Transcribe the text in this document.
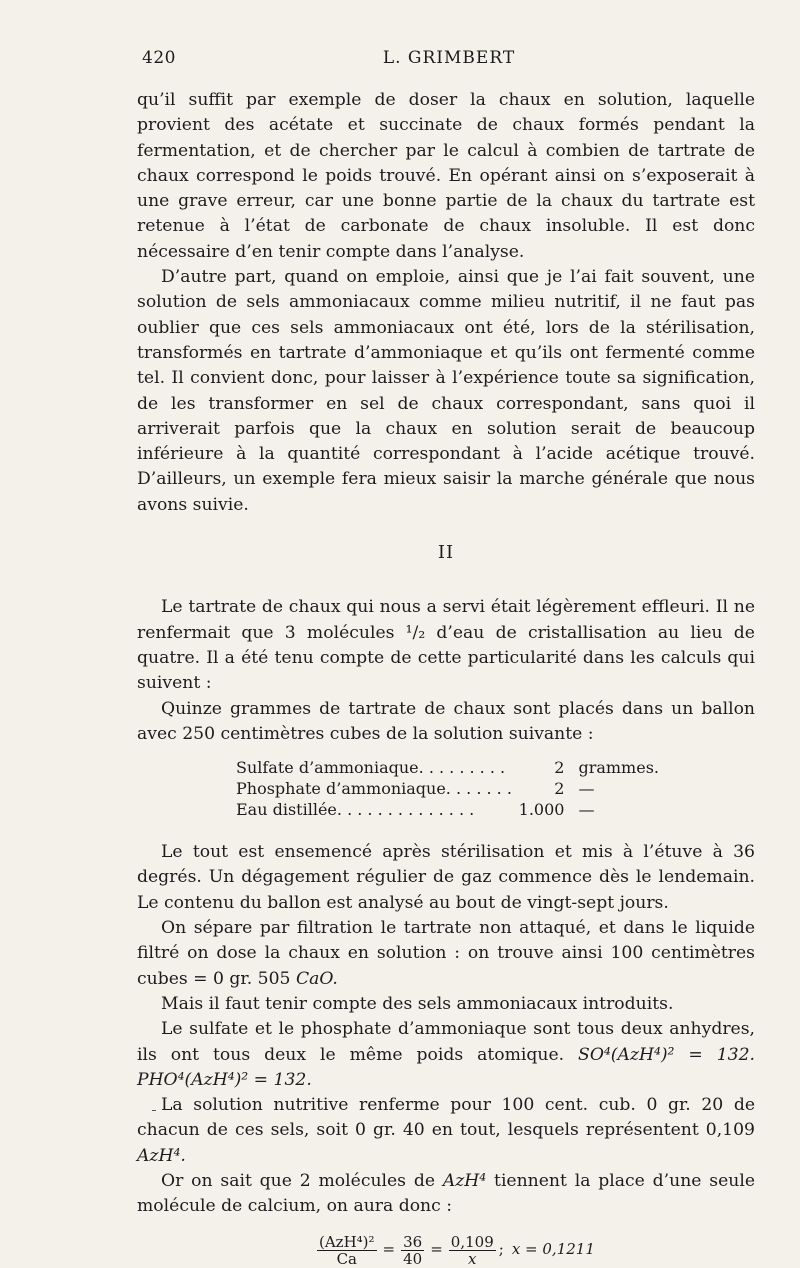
420	L. GRIMBERT

qu’il suffit par exemple de doser la chaux en solution, laquelle provient des acétate et succinate de chaux formés pendant la fermentation, et de chercher par le calcul à combien de tartrate de chaux correspond le poids trouvé. En opérant ainsi on s’exposerait à une grave erreur, car une bonne partie de la chaux du tartrate est retenue à l’état de carbonate de chaux insoluble. Il est donc nécessaire d’en tenir compte dans l’analyse.

D’autre part, quand on emploie, ainsi que je l’ai fait souvent, une solution de sels ammoniacaux comme milieu nutritif, il ne faut pas oublier que ces sels ammoniacaux ont été, lors de la stérilisation, transformés en tartrate d’ammoniaque et qu’ils ont fermenté comme tel. Il convient donc, pour laisser à l’expérience toute sa signification, de les transformer en sel de chaux correspondant, sans quoi il arriverait parfois que la chaux en solution serait de beaucoup inférieure à la quantité correspondant à l’acide acétique trouvé. D’ailleurs, un exemple fera mieux saisir la marche générale que nous avons suivie.

II

Le tartrate de chaux qui nous a servi était légèrement effleuri. Il ne renfermait que 3 molécules ¹/₂ d’eau de cristallisation au lieu de quatre. Il a été tenu compte de cette particularité dans les calculs qui suivent :

Quinze grammes de tartrate de chaux sont placés dans un ballon avec 250 centimètres cubes de la solution suivante :

Sulfate d’ammoniaque. . . . . . . . .	2	grammes.
Phosphate d’ammoniaque. . . . . . .	2	—
Eau distillée. . . . . . . . . . . . . .	1.000	—

Le tout est ensemencé après stérilisation et mis à l’étuve à 36 degrés. Un dégagement régulier de gaz commence dès le lendemain. Le contenu du ballon est analysé au bout de vingt-sept jours.

On sépare par filtration le tartrate non attaqué, et dans le liquide filtré on dose la chaux en solution : on trouve ainsi 100 centimètres cubes = 0 gr. 505 CaO.

Mais il faut tenir compte des sels ammoniacaux introduits.

Le sulfate et le phosphate d’ammoniaque sont tous deux anhydres, ils ont tous deux le même poids atomique. SO⁴(AzH⁴)² = 132. PHO⁴(AzH⁴)² = 132.

La solution nutritive renferme pour 100 cent. cub. 0 gr. 20 de chacun de ces sels, soit 0 gr. 40 en tout, lesquels représentent 0,109 AzH⁴.

Or on sait que 2 molécules de AzH⁴ tiennent la place d’une seule molécule de calcium, on aura donc :

$\frac{\text{(AzH⁴)²}}{Ca} = \frac{36}{40} = \frac{0,109}{x}$ ; x = 0,1211
